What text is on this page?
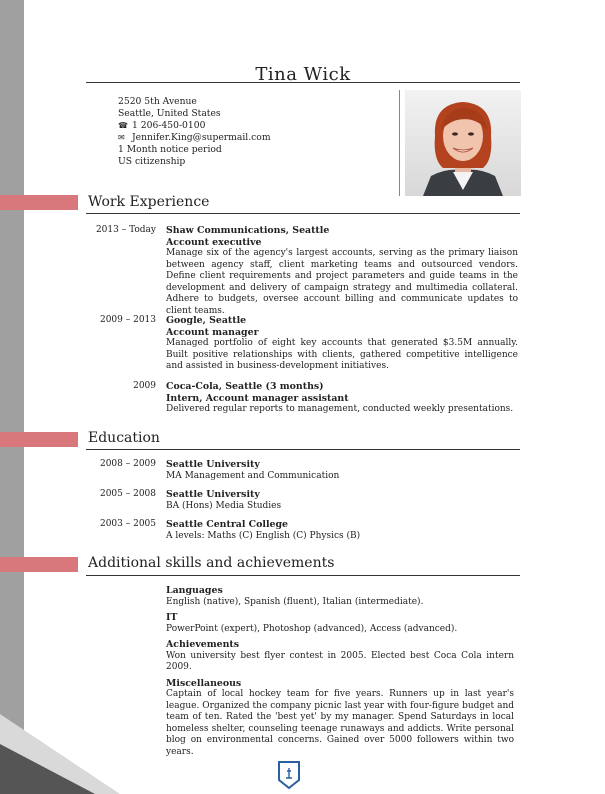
Tina Wick
2520 5th Avenue
Seattle, United States
☎ 1 206-450-0100
✉ Jennifer.King@supermail.com
1 Month notice period
US citizenship
Work Experience
2013 – Today Shaw Communications, Seattle
Account executive
Manage six of the agency's largest accounts, serving as the primary liaison between agency staff, client marketing teams and outsourced vendors. Define client requirements and project parameters and guide teams in the development and delivery of campaign strategy and multimedia collateral. Adhere to budgets, oversee account billing and communicate updates to client teams.
2009 – 2013 Google, Seattle
Account manager
Managed portfolio of eight key accounts that generated $3.5M annually. Built positive relationships with clients, gathered competitive intelligence and assisted in business-development initiatives.
2009 Coca-Cola, Seattle (3 months)
Intern, Account manager assistant
Delivered regular reports to management, conducted weekly presentations.
Education
2008 – 2009 Seattle University
MA Management and Communication
2005 – 2008 Seattle University
BA (Hons) Media Studies
2003 – 2005 Seattle Central College
A levels: Maths (C) English (C) Physics (B)
Additional skills and achievements
Languages
English (native), Spanish (fluent), Italian (intermediate).
IT
PowerPoint (expert), Photoshop (advanced), Access (advanced).
Achievements
Won university best flyer contest in 2005. Elected best Coca Cola intern 2009.
Miscellaneous
Captain of local hockey team for five years. Runners up in last year's league. Organized the company picnic last year with four-figure budget and team of ten. Rated the 'best yet' by my manager. Spend Saturdays in local homeless shelter, counseling teenage runaways and addicts. Write personal blog on environmental concerns. Gained over 5000 followers within two years.
